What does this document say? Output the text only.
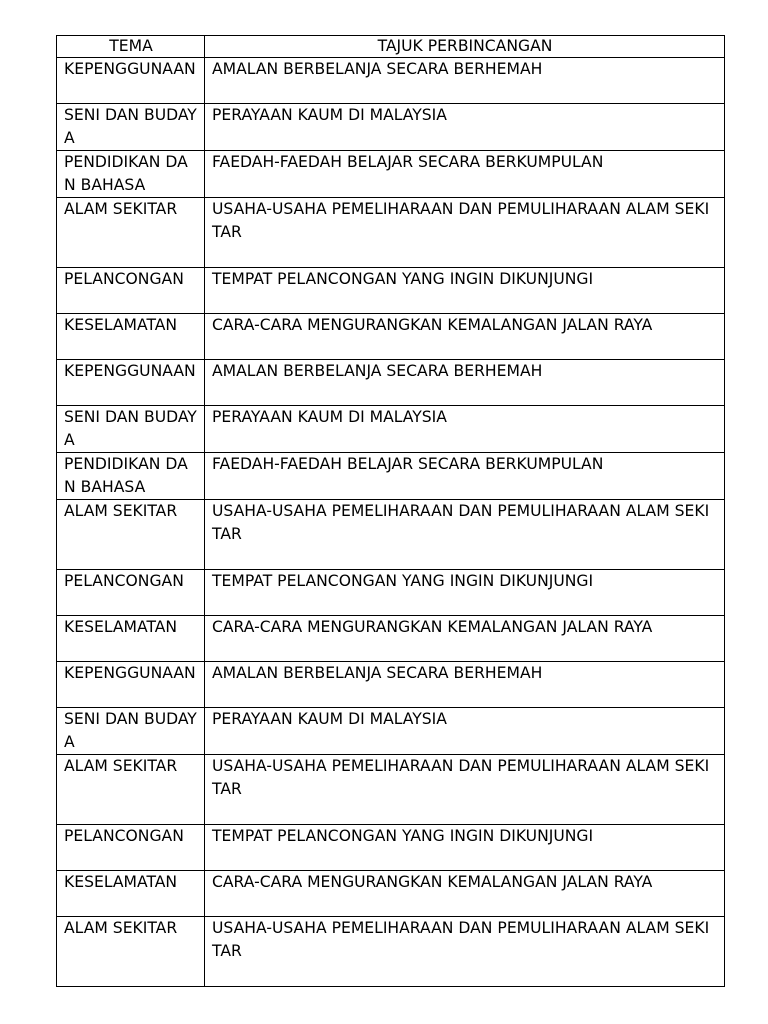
TEMA	TAJUK PERBINCANGAN
KEPENGGUNAAN	AMALAN BERBELANJA SECARA BERHEMAH
SENI DAN BUDAYA	PERAYAAN KAUM DI MALAYSIA
PENDIDIKAN DAN BAHASA	FAEDAH-FAEDAH BELAJAR SECARA BERKUMPULAN
ALAM SEKITAR	USAHA-USAHA PEMELIHARAAN DAN PEMULIHARAAN ALAM SEKITAR
PELANCONGAN	TEMPAT PELANCONGAN YANG INGIN DIKUNJUNGI
KESELAMATAN	CARA-CARA MENGURANGKAN KEMALANGAN JALAN RAYA
KEPENGGUNAAN	AMALAN BERBELANJA SECARA BERHEMAH
SENI DAN BUDAYA	PERAYAAN KAUM DI MALAYSIA
PENDIDIKAN DAN BAHASA	FAEDAH-FAEDAH BELAJAR SECARA BERKUMPULAN
ALAM SEKITAR	USAHA-USAHA PEMELIHARAAN DAN PEMULIHARAAN ALAM SEKITAR
PELANCONGAN	TEMPAT PELANCONGAN YANG INGIN DIKUNJUNGI
KESELAMATAN	CARA-CARA MENGURANGKAN KEMALANGAN JALAN RAYA
KEPENGGUNAAN	AMALAN BERBELANJA SECARA BERHEMAH
SENI DAN BUDAYA	PERAYAAN KAUM DI MALAYSIA
ALAM SEKITAR	USAHA-USAHA PEMELIHARAAN DAN PEMULIHARAAN ALAM SEKITAR
PELANCONGAN	TEMPAT PELANCONGAN YANG INGIN DIKUNJUNGI
KESELAMATAN	CARA-CARA MENGURANGKAN KEMALANGAN JALAN RAYA
ALAM SEKITAR	USAHA-USAHA PEMELIHARAAN DAN PEMULIHARAAN ALAM SEKITAR
